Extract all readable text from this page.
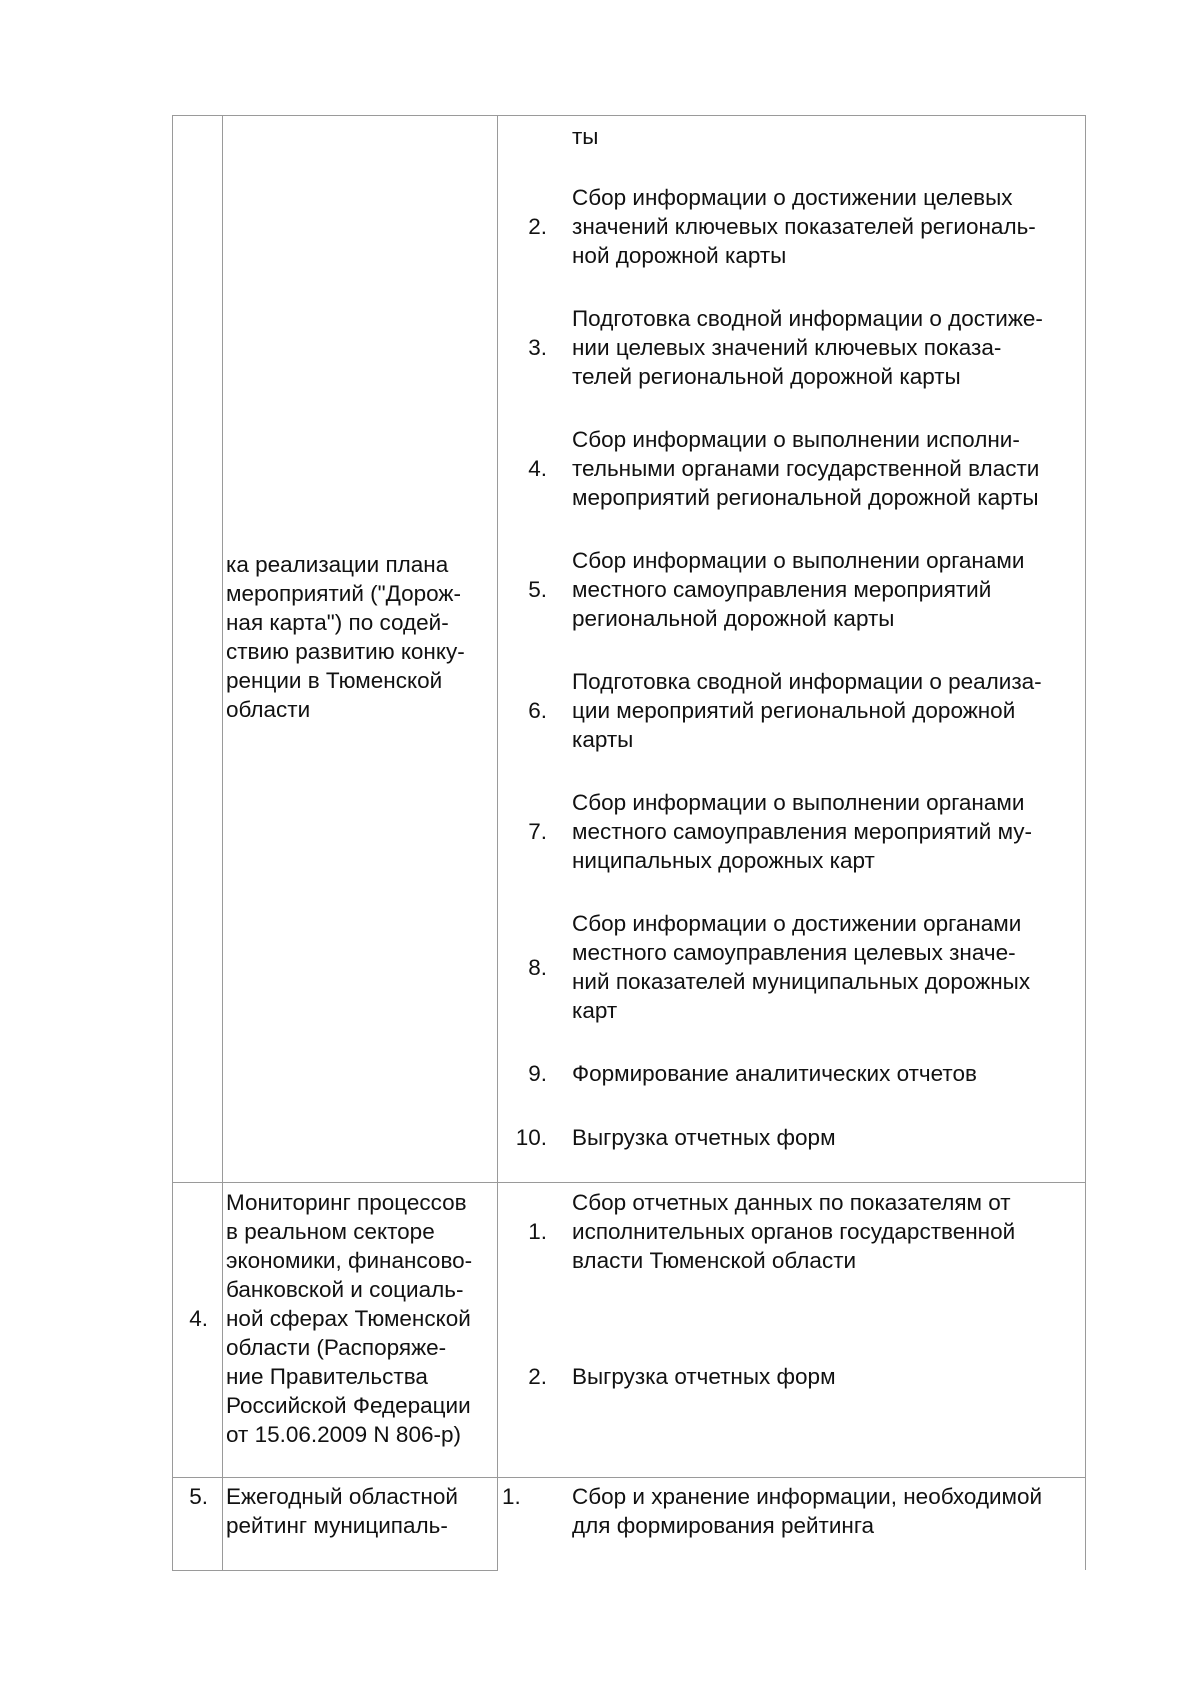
ка реализации плана
мероприятий ("Дорож-
ная карта") по содей-
ствию развитию конку-
ренции в Тюменской
области
ты
2.
Сбор информации о достижении целевых
значений ключевых показателей региональ-
ной дорожной карты
3.
Подготовка сводной информации о достиже-
нии целевых значений ключевых показа-
телей региональной дорожной карты
4.
Сбор информации о выполнении исполни-
тельными органами государственной власти
мероприятий региональной дорожной карты
5.
Сбор информации о выполнении органами
местного самоуправления мероприятий
региональной дорожной карты
6.
Подготовка сводной информации о реализа-
ции мероприятий региональной дорожной
карты
7.
Сбор информации о выполнении органами
местного самоуправления мероприятий му-
ниципальных дорожных карт
8.
Сбор информации о достижении органами
местного самоуправления целевых значе-
ний показателей муниципальных дорожных
карт
9. Формирование аналитических отчетов
10. Выгрузка отчетных форм
4.
Мониторинг процессов
в реальном секторе
экономики, финансово-
банковской и социаль-
ной сферах Тюменской
области (Распоряже-
ние Правительства
Российской Федерации
от 15.06.2009 N 806-р)
1.
Сбор отчетных данных по показателям от
исполнительных органов государственной
власти Тюменской области
2. Выгрузка отчетных форм
5. Ежегодный областной
рейтинг муниципаль-
1. Сбор и хранение информации, необходимой
для формирования рейтинга
